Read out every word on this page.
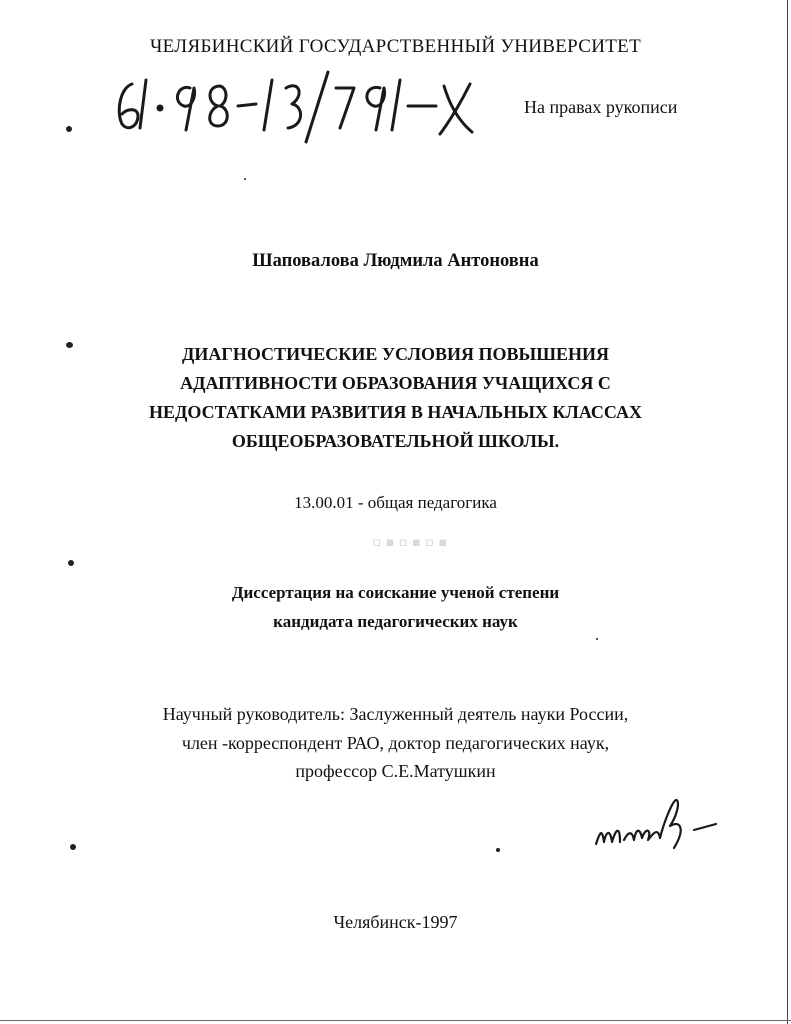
ЧЕЛЯБИНСКИЙ ГОСУДАРСТВЕННЫЙ УНИВЕРСИТЕТ
На правах рукописи
Шаповалова Людмила Антоновна
ДИАГНОСТИЧЕСКИЕ УСЛОВИЯ ПОВЫШЕНИЯ
АДАПТИВНОСТИ ОБРАЗОВАНИЯ УЧАЩИХСЯ С
НЕДОСТАТКАМИ РАЗВИТИЯ В НАЧАЛЬНЫХ КЛАССАХ
ОБЩЕОБРАЗОВАТЕЛЬНОЙ ШКОЛЫ.
13.00.01 - общая педагогика
▫▪▫▪▫▪
Диссертация на соискание ученой степени
кандидата педагогических наук
Научный руководитель: Заслуженный деятель науки России,
член -корреспондент РАО, доктор педагогических наук,
профессор С.Е.Матушкин
Челябинск-1997
